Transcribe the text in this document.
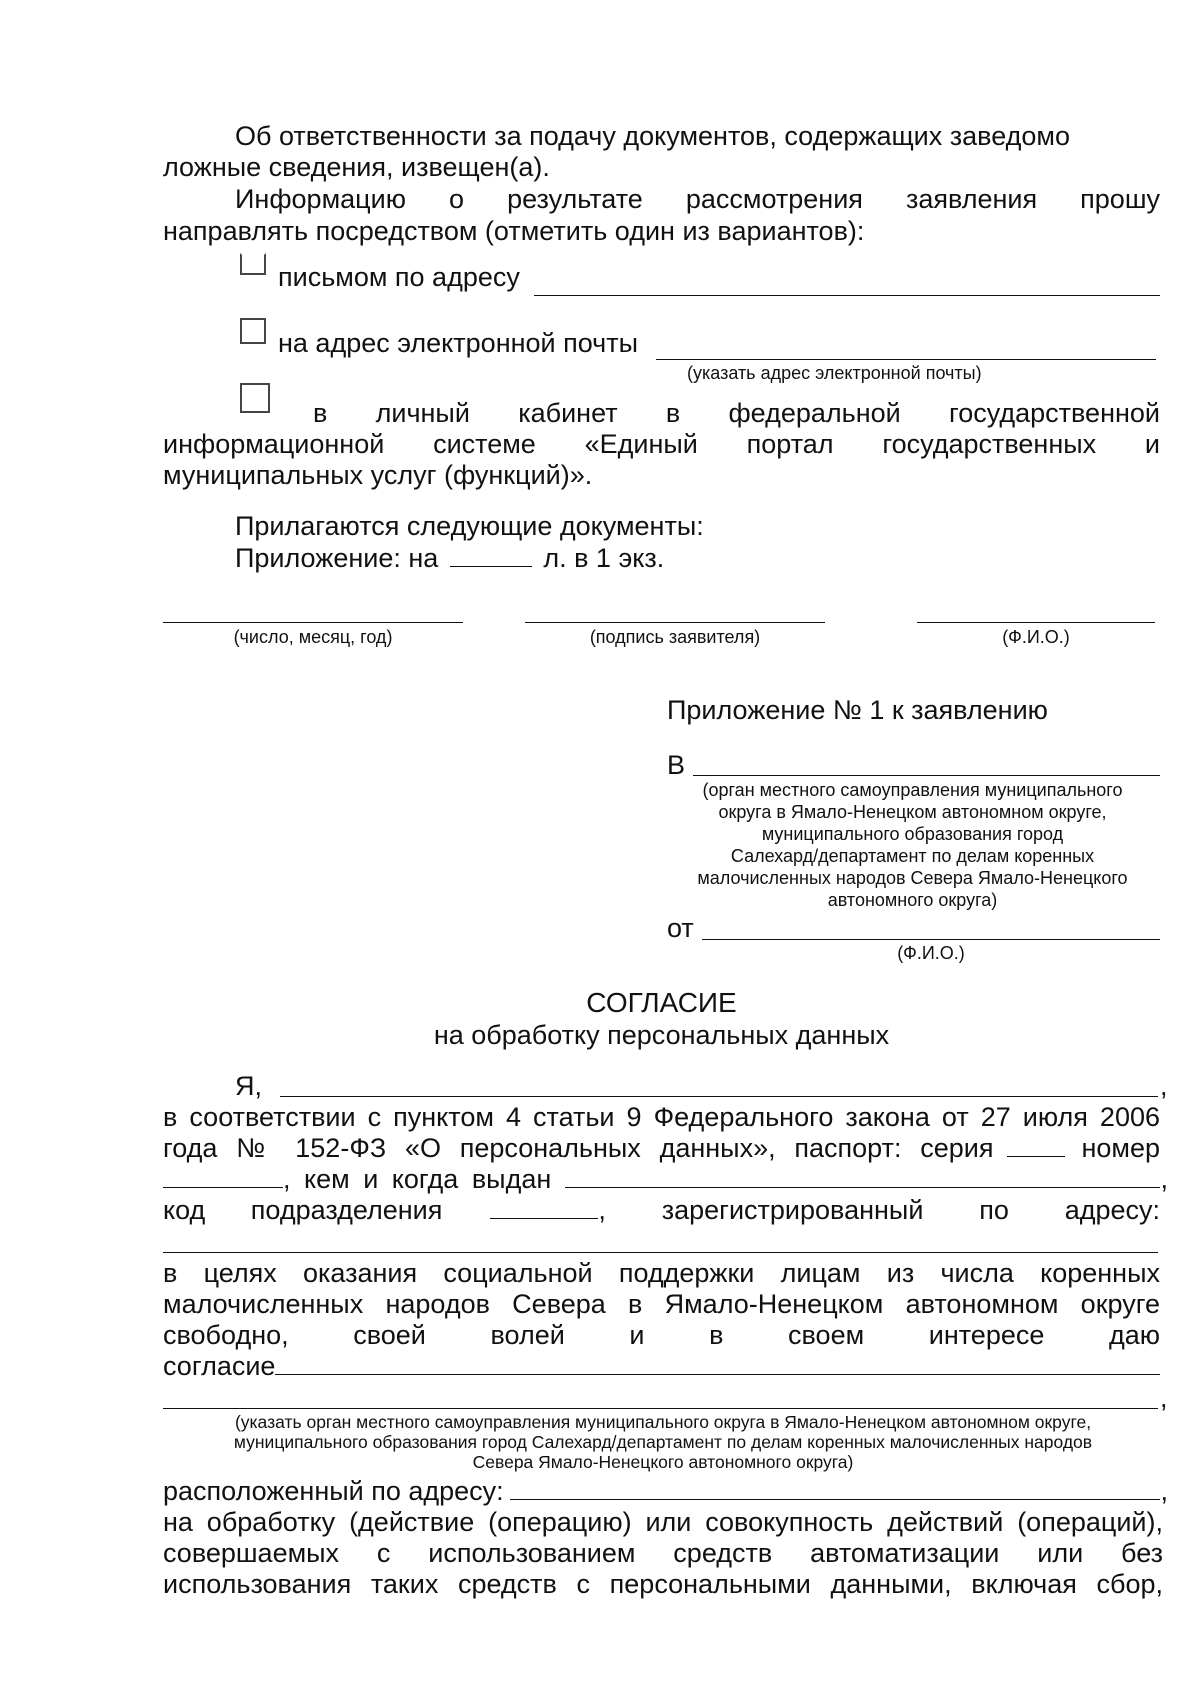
Об ответственности за подачу документов, содержащих заведомо
ложные сведения, извещен(а).
Информацию о результате рассмотрения заявления прошу
направлять посредством (отметить один из вариантов):
письмом по адресу
на адрес электронной почты
(указать адрес электронной почты)
в личный кабинет в федеральной государственной
информационной системе «Единый портал государственных и
муниципальных услуг (функций)».
Прилагаются следующие документы:
Приложение: на	л. в 1 экз.
(число, месяц, год)	(подпись заявителя)	(Ф.И.О.)
Приложение № 1 к заявлению
В
(орган местного самоуправления муниципального
округа в Ямало-Ненецком автономном округе,
муниципального образования город
Салехард/департамент по делам коренных
малочисленных народов Севера Ямало-Ненецкого
автономного округа)
от
(Ф.И.О.)
СОГЛАСИЕ
на обработку персональных данных
Я,	,
в соответствии с пунктом 4 статьи 9 Федерального закона от 27 июля 2006
года № 152-ФЗ «О персональных данных», паспорт: серия	номер
, кем и когда выдан	,
код подразделения	, зарегистрированный по адресу:
в целях оказания социальной поддержки лицам из числа коренных
малочисленных народов Севера в Ямало-Ненецком автономном округе
свободно, своей волей и в своем интересе даю
согласие
,
(указать орган местного самоуправления муниципального округа в Ямало-Ненецком автономном округе,
муниципального образования город Салехард/департамент по делам коренных малочисленных народов
Севера Ямало-Ненецкого автономного округа)
расположенный по адресу:	,
на обработку (действие (операцию) или совокупность действий (операций),
совершаемых с использованием средств автоматизации или без
использования таких средств с персональными данными, включая сбор,
